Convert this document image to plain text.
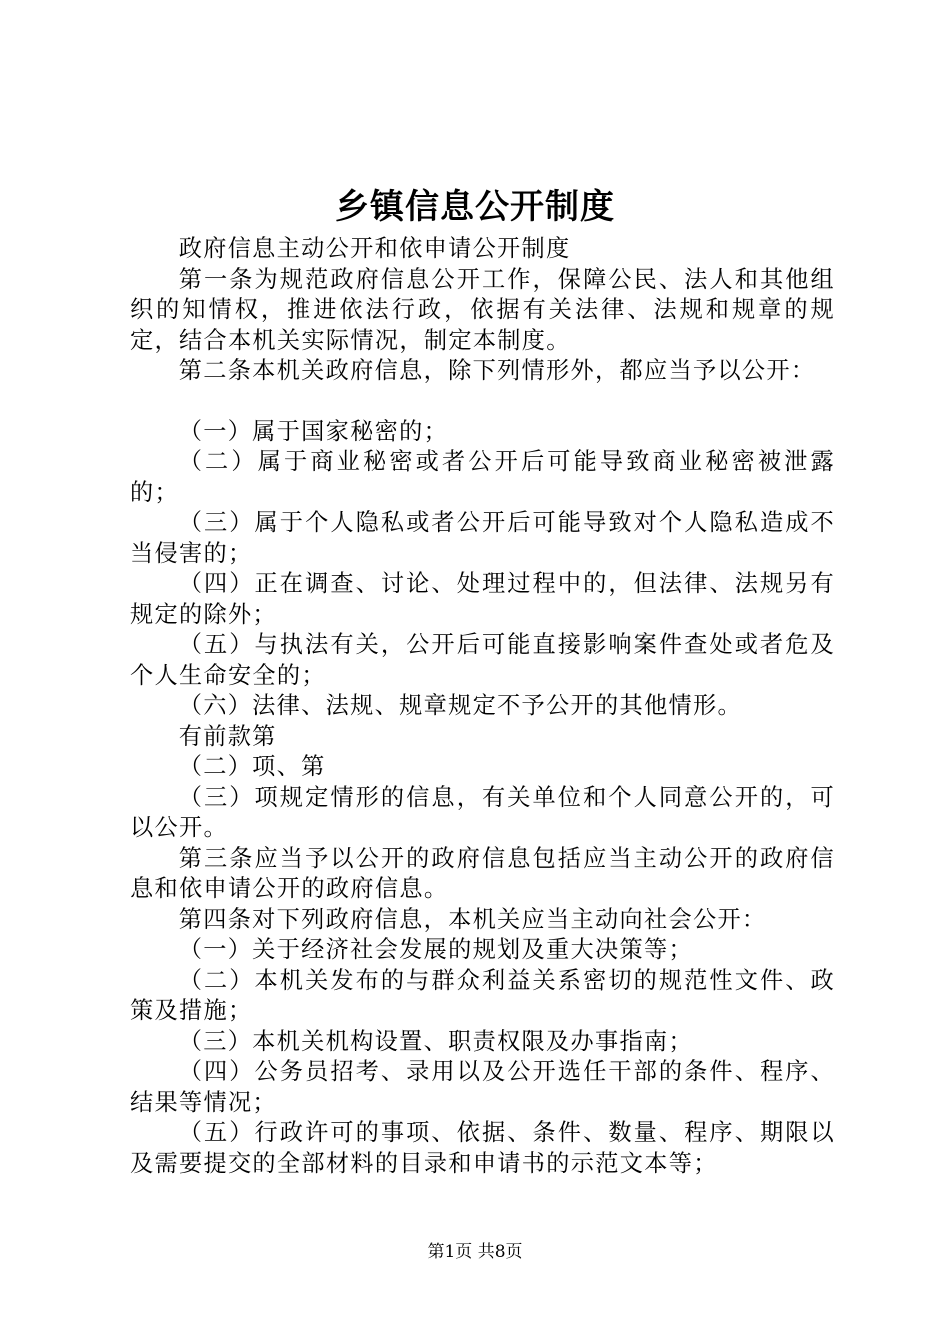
乡镇信息公开制度

政府信息主动公开和依申请公开制度

第一条为规范政府信息公开工作，保障公民、法人和其他组织的知情权，推进依法行政，依据有关法律、法规和规章的规定，结合本机关实际情况，制定本制度。

第二条本机关政府信息，除下列情形外，都应当予以公开：

（一）属于国家秘密的；

（二）属于商业秘密或者公开后可能导致商业秘密被泄露的；

（三）属于个人隐私或者公开后可能导致对个人隐私造成不当侵害的；

（四）正在调查、讨论、处理过程中的，但法律、法规另有规定的除外；

（五）与执法有关，公开后可能直接影响案件查处或者危及个人生命安全的；

（六）法律、法规、规章规定不予公开的其他情形。

有前款第

（二）项、第

（三）项规定情形的信息，有关单位和个人同意公开的，可以公开。

第三条应当予以公开的政府信息包括应当主动公开的政府信息和依申请公开的政府信息。

第四条对下列政府信息，本机关应当主动向社会公开：

（一）关于经济社会发展的规划及重大决策等；

（二）本机关发布的与群众利益关系密切的规范性文件、政策及措施；

（三）本机关机构设置、职责权限及办事指南；

（四）公务员招考、录用以及公开选任干部的条件、程序、结果等情况；

（五）行政许可的事项、依据、条件、数量、程序、期限以及需要提交的全部材料的目录和申请书的示范文本等；

第1页 共8页
